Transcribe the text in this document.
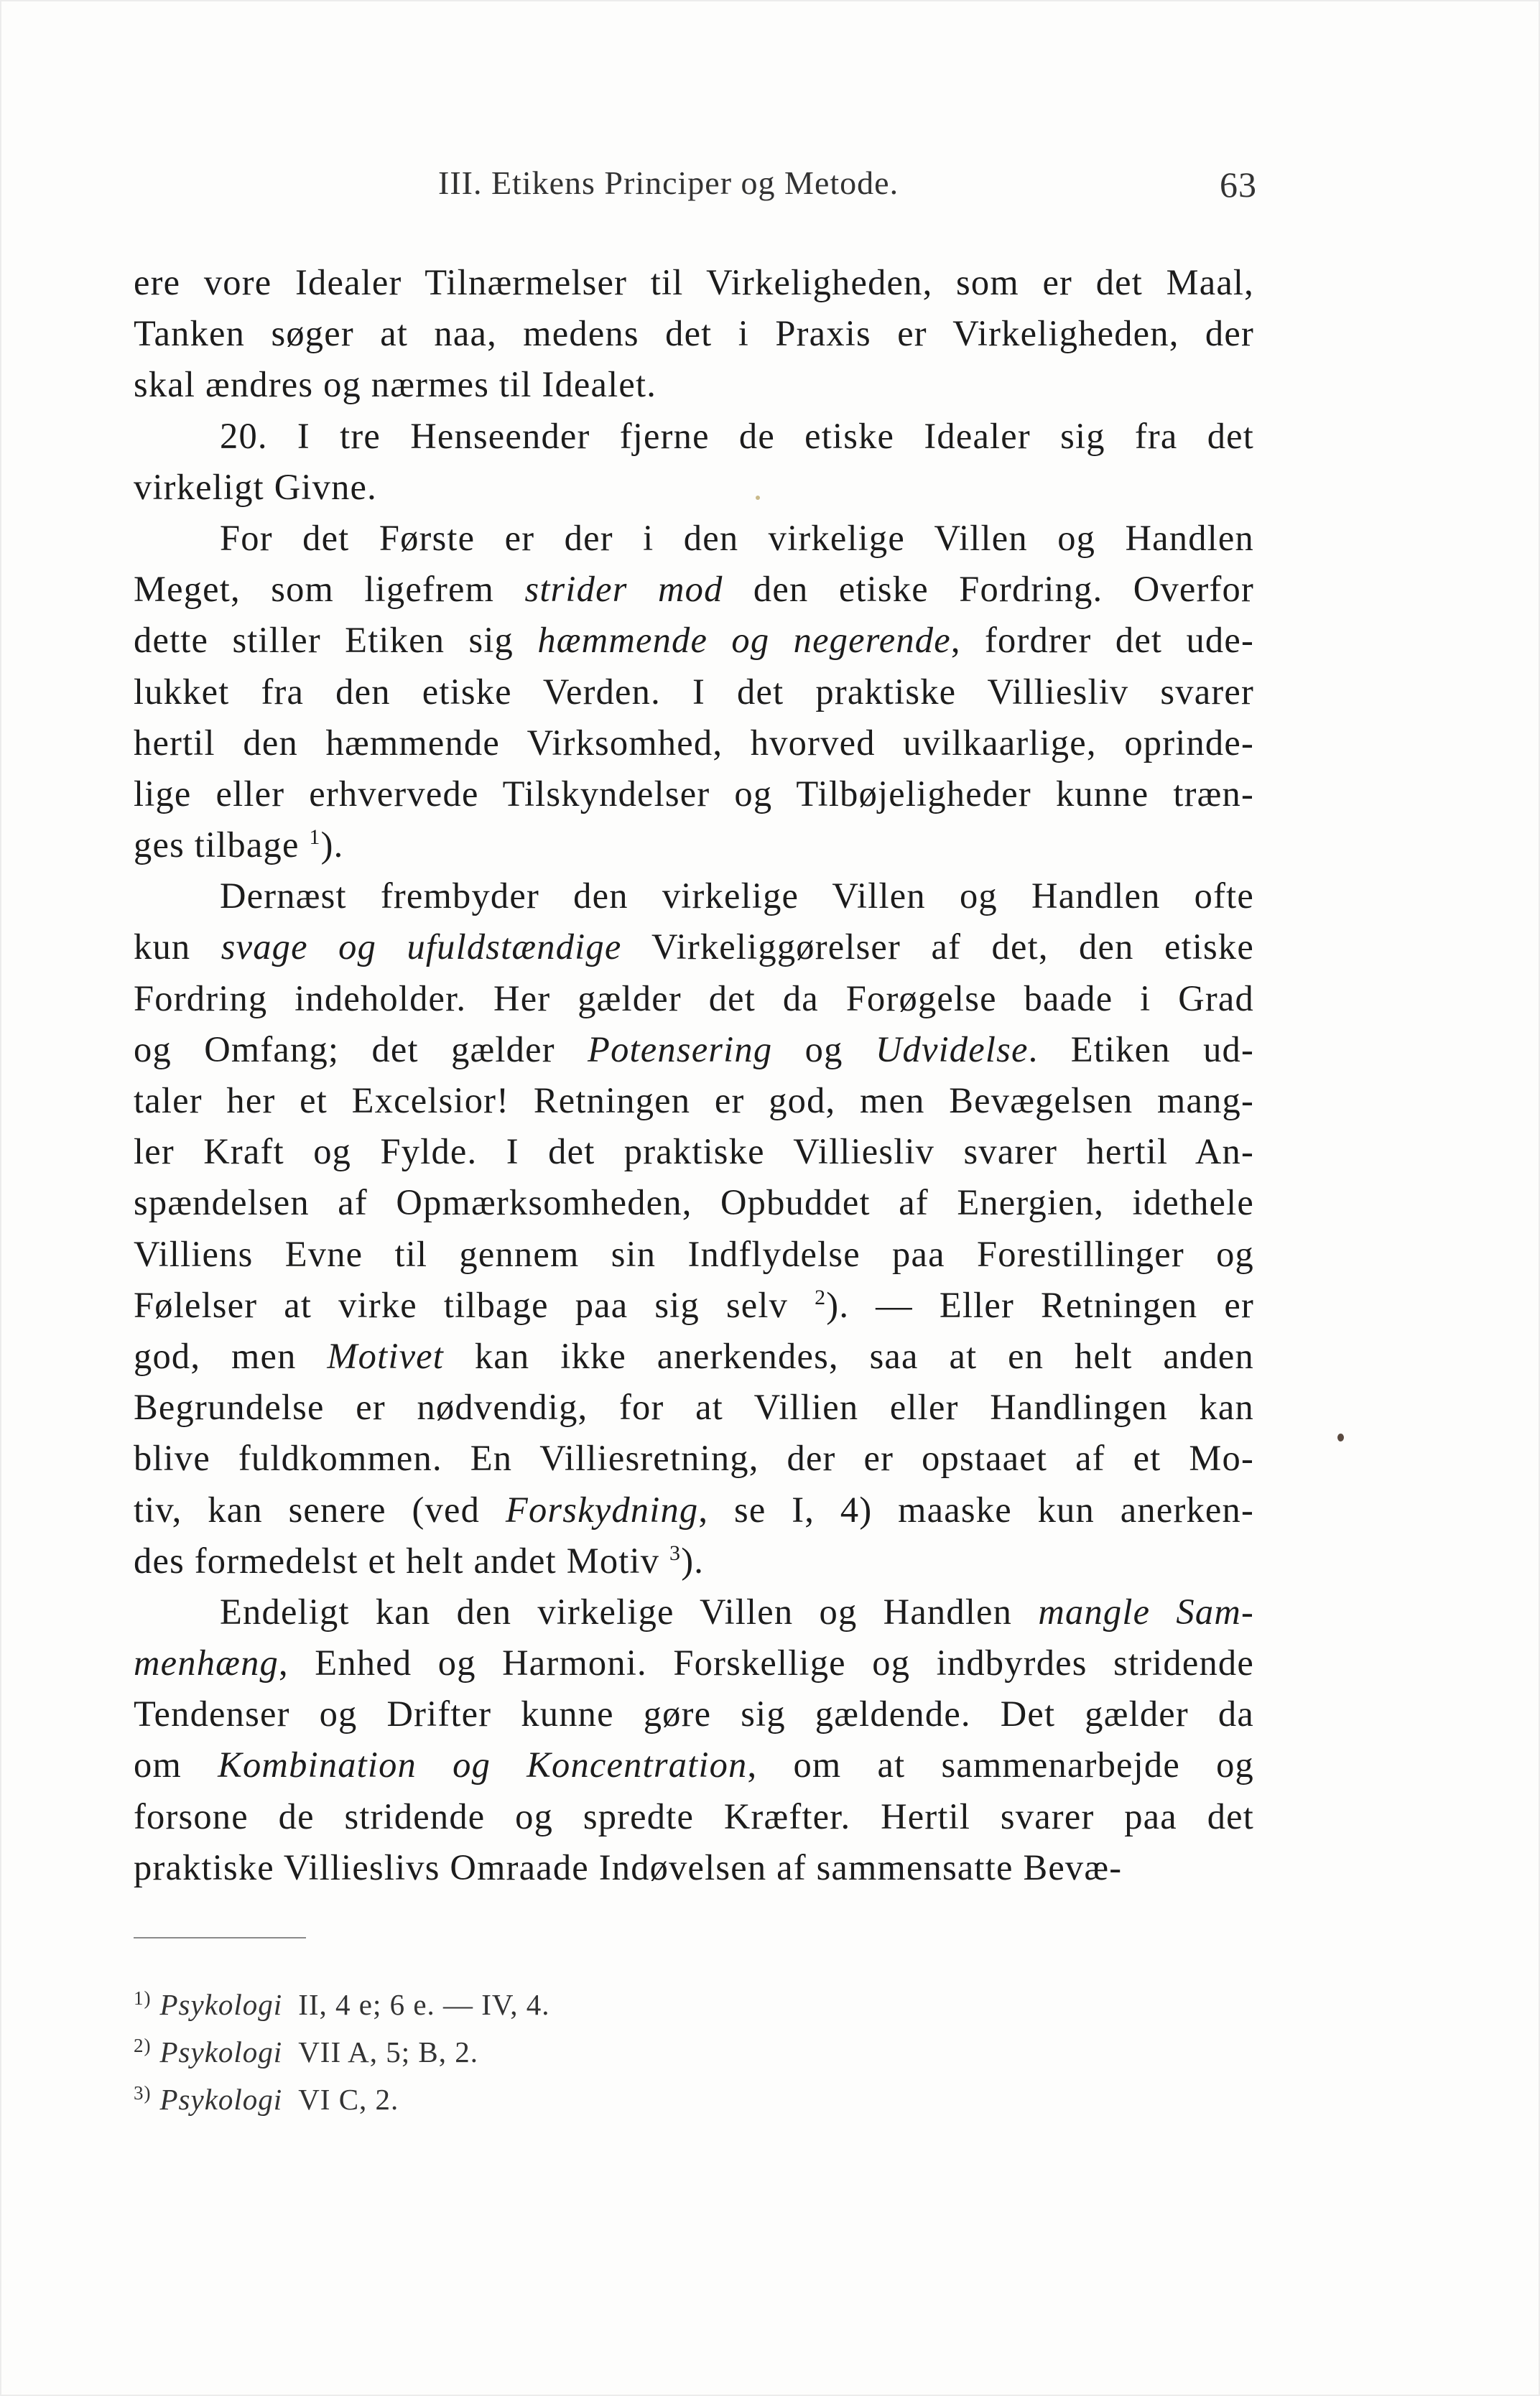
III. Etikens Principer og Metode.	63
ere vore Idealer Tilnærmelser til Virkeligheden, som er det Maal,
Tanken søger at naa, medens det i Praxis er Virkeligheden, der
skal ændres og nærmes til Idealet.
20. I tre Henseender fjerne de etiske Idealer sig fra det
virkeligt Givne.
For det Første er der i den virkelige Villen og Handlen
Meget, som ligefrem strider mod den etiske Fordring. Overfor
dette stiller Etiken sig hæmmende og negerende, fordrer det ude-
lukket fra den etiske Verden. I det praktiske Villiesliv svarer
hertil den hæmmende Virksomhed, hvorved uvilkaarlige, oprinde-
lige eller erhvervede Tilskyndelser og Tilbøjeligheder kunne træn-
ges tilbage $^1$).
Dernæst frembyder den virkelige Villen og Handlen ofte
kun svage og ufuldstændige Virkeliggørelser af det, den etiske
Fordring indeholder. Her gælder det da Forøgelse baade i Grad
og Omfang; det gælder Potensering og Udvidelse. Etiken ud-
taler her et Excelsior! Retningen er god, men Bevægelsen mang-
ler Kraft og Fylde. I det praktiske Villiesliv svarer hertil An-
spændelsen af Opmærksomheden, Opbuddet af Energien, idethele
Villiens Evne til gennem sin Indflydelse paa Forestillinger og
Følelser at virke tilbage paa sig selv $^2$). — Eller Retningen er
god, men Motivet kan ikke anerkendes, saa at en helt anden
Begrundelse er nødvendig, for at Villien eller Handlingen kan
blive fuldkommen. En Villiesretning, der er opstaaet af et Mo-
tiv, kan senere (ved Forskydning, se I, 4) maaske kun anerken-
des formedelst et helt andet Motiv $^3$).
Endeligt kan den virkelige Villen og Handlen mangle Sam-
menhæng, Enhed og Harmoni. Forskellige og indbyrdes stridende
Tendenser og Drifter kunne gøre sig gældende. Det gælder da
om Kombination og Koncentration, om at sammenarbejde og
forsone de stridende og spredte Kræfter. Hertil svarer paa det
praktiske Villieslivs Omraade Indøvelsen af sammensatte Bevæ-
$^{1)}$ Psykologi II, 4 e; 6 e. — IV, 4.
$^{2)}$ Psykologi VII A, 5; B, 2.
$^{3)}$ Psykologi VI C, 2.
